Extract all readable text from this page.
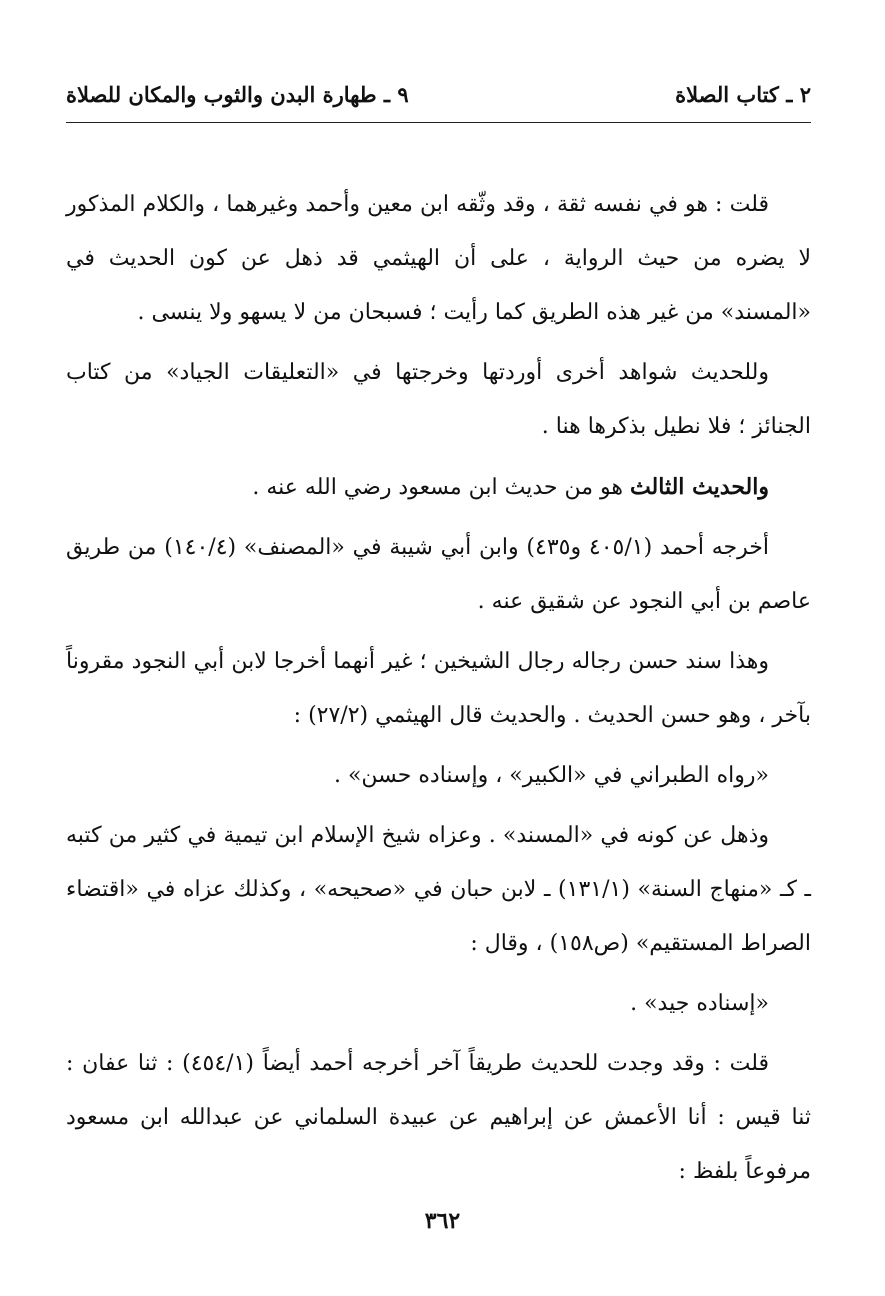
٢ ـ كتاب الصلاة
٩ ـ طهارة البدن والثوب والمكان للصلاة

قلت : هو في نفسه ثقة ، وقد وثّقه ابن معين وأحمد وغيرهما ، والكلام المذكور لا يضره من حيث الرواية ، على أن الهيثمي قد ذهل عن كون الحديث في «المسند» من غير هذه الطريق كما رأيت ؛ فسبحان من لا يسهو ولا ينسى .

وللحديث شواهد أخرى أوردتها وخرجتها في «التعليقات الجياد» من كتاب الجنائز ؛ فلا نطيل بذكرها هنا .

والحديث الثالث هو من حديث ابن مسعود رضي الله عنه .

أخرجه أحمد (٤٠٥/١ و٤٣٥) وابن أبي شيبة في «المصنف» (١٤٠/٤) من طريق عاصم بن أبي النجود عن شقيق عنه .

وهذا سند حسن رجاله رجال الشيخين ؛ غير أنهما أخرجا لابن أبي النجود مقروناً بآخر ، وهو حسن الحديث . والحديث قال الهيثمي (٢٧/٢) :

«رواه الطبراني في «الكبير» ، وإسناده حسن» .

وذهل عن كونه في «المسند» . وعزاه شيخ الإسلام ابن تيمية في كثير من كتبه ـ كـ «منهاج السنة» (١٣١/١) ـ لابن حبان في «صحيحه» ، وكذلك عزاه في «اقتضاء الصراط المستقيم» (ص١٥٨) ، وقال :

«إسناده جيد» .

قلت : وقد وجدت للحديث طريقاً آخر أخرجه أحمد أيضاً (٤٥٤/١) : ثنا عفان : ثنا قيس : أنا الأعمش عن إبراهيم عن عبيدة السلماني عن عبدالله ابن مسعود مرفوعاً بلفظ :

٣٦٢
